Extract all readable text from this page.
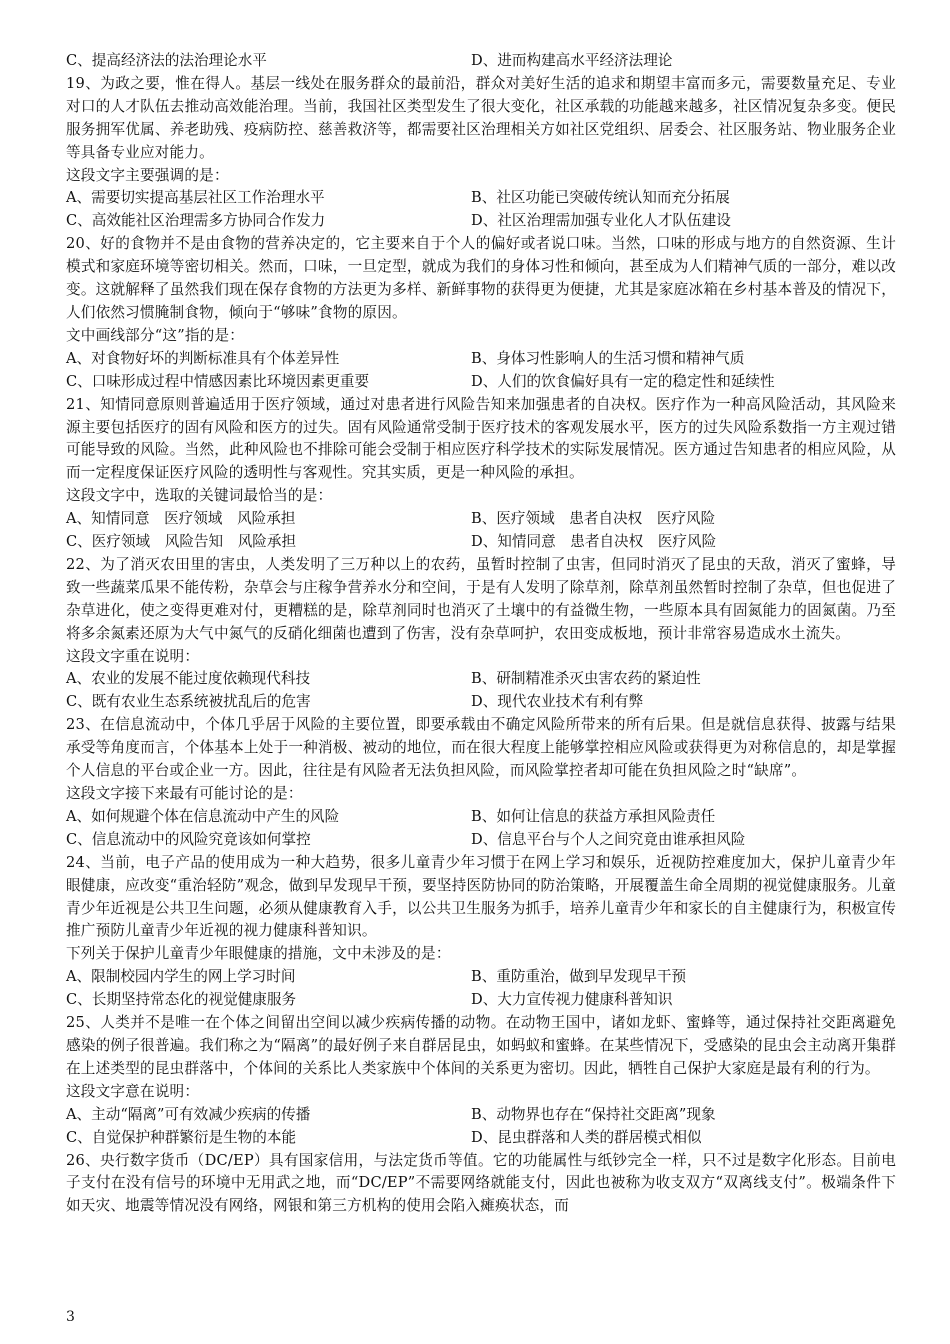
C、提高经济法的法治理论水平	D、进而构建高水平经济法理论

19、为政之要，惟在得人。基层一线处在服务群众的最前沿，群众对美好生活的追求和期望丰富而多元，需要数量充足、专业对口的人才队伍去推动高效能治理。当前，我国社区类型发生了很大变化，社区承载的功能越来越多，社区情况复杂多变。便民服务拥军优属、养老助残、疫病防控、慈善救济等，都需要社区治理相关方如社区党组织、居委会、社区服务站、物业服务企业等具备专业应对能力。

这段文字主要强调的是：

A、需要切实提高基层社区工作治理水平	B、社区功能已突破传统认知而充分拓展
C、高效能社区治理需多方协同合作发力	D、社区治理需加强专业化人才队伍建设

20、好的食物并不是由食物的营养决定的，它主要来自于个人的偏好或者说口味。当然，口味的形成与地方的自然资源、生计模式和家庭环境等密切相关。然而，口味，一旦定型，就成为我们的身体习性和倾向，甚至成为人们精神气质的一部分，难以改变。这就解释了虽然我们现在保存食物的方法更为多样、新鲜事物的获得更为便捷，尤其是家庭冰箱在乡村基本普及的情况下，人们依然习惯腌制食物，倾向于“够味”食物的原因。

文中画线部分“这”指的是：

A、对食物好坏的判断标准具有个体差异性	B、身体习性影响人的生活习惯和精神气质
C、口味形成过程中情感因素比环境因素更重要	D、人们的饮食偏好具有一定的稳定性和延续性

21、知情同意原则普遍适用于医疗领域，通过对患者进行风险告知来加强患者的自决权。医疗作为一种高风险活动，其风险来源主要包括医疗的固有风险和医方的过失。固有风险通常受制于医疗技术的客观发展水平，医方的过失风险系数指一方主观过错可能导致的风险。当然，此种风险也不排除可能会受制于相应医疗科学技术的实际发展情况。医方通过告知患者的相应风险，从而一定程度保证医疗风险的透明性与客观性。究其实质，更是一种风险的承担。

这段文字中，选取的关键词最恰当的是：

A、知情同意　医疗领域　风险承担	B、医疗领域　患者自决权　医疗风险
C、医疗领域　风险告知　风险承担	D、知情同意　患者自决权　医疗风险

22、为了消灭农田里的害虫，人类发明了三万种以上的农药，虽暂时控制了虫害，但同时消灭了昆虫的天敌，消灭了蜜蜂，导致一些蔬菜瓜果不能传粉，杂草会与庄稼争营养水分和空间，于是有人发明了除草剂，除草剂虽然暂时控制了杂草，但也促进了杂草进化，使之变得更难对付，更糟糕的是，除草剂同时也消灭了土壤中的有益微生物，一些原本具有固氮能力的固氮菌。乃至将多余氮素还原为大气中氮气的反硝化细菌也遭到了伤害，没有杂草呵护，农田变成板地，预计非常容易造成水土流失。

这段文字重在说明：

A、农业的发展不能过度依赖现代科技	B、研制精准杀灭虫害农药的紧迫性
C、既有农业生态系统被扰乱后的危害	D、现代农业技术有利有弊

23、在信息流动中，个体几乎居于风险的主要位置，即要承载由不确定风险所带来的所有后果。但是就信息获得、披露与结果承受等角度而言，个体基本上处于一种消极、被动的地位，而在很大程度上能够掌控相应风险或获得更为对称信息的，却是掌握个人信息的平台或企业一方。因此，往往是有风险者无法负担风险，而风险掌控者却可能在负担风险之时“缺席”。

这段文字接下来最有可能讨论的是：

A、如何规避个体在信息流动中产生的风险	B、如何让信息的获益方承担风险责任
C、信息流动中的风险究竟该如何掌控	D、信息平台与个人之间究竟由谁承担风险

24、当前，电子产品的使用成为一种大趋势，很多儿童青少年习惯于在网上学习和娱乐，近视防控难度加大，保护儿童青少年眼健康，应改变“重治轻防”观念，做到早发现早干预，要坚持医防协同的防治策略，开展覆盖生命全周期的视觉健康服务。儿童青少年近视是公共卫生问题，必须从健康教育入手，以公共卫生服务为抓手，培养儿童青少年和家长的自主健康行为，积极宣传推广预防儿童青少年近视的视力健康科普知识。

下列关于保护儿童青少年眼健康的措施，文中未涉及的是：

A、限制校园内学生的网上学习时间	B、重防重治，做到早发现早干预
C、长期坚持常态化的视觉健康服务	D、大力宣传视力健康科普知识

25、人类并不是唯一在个体之间留出空间以减少疾病传播的动物。在动物王国中，诸如龙虾、蜜蜂等，通过保持社交距离避免感染的例子很普遍。我们称之为“隔离”的最好例子来自群居昆虫，如蚂蚁和蜜蜂。在某些情况下，受感染的昆虫会主动离开集群在上述类型的昆虫群落中，个体间的关系比人类家族中个体间的关系更为密切。因此，牺牲自己保护大家庭是最有利的行为。

这段文字意在说明：

A、主动“隔离”可有效减少疾病的传播	B、动物界也存在“保持社交距离”现象
C、自觉保护种群繁衍是生物的本能	D、昆虫群落和人类的群居模式相似

26、央行数字货币（DC/EP）具有国家信用，与法定货币等值。它的功能属性与纸钞完全一样，只不过是数字化形态。目前电子支付在没有信号的环境中无用武之地，而“DC/EP”不需要网络就能支付，因此也被称为收支双方“双离线支付”。极端条件下如天灾、地震等情况没有网络，网银和第三方机构的使用会陷入瘫痪状态，而

3
